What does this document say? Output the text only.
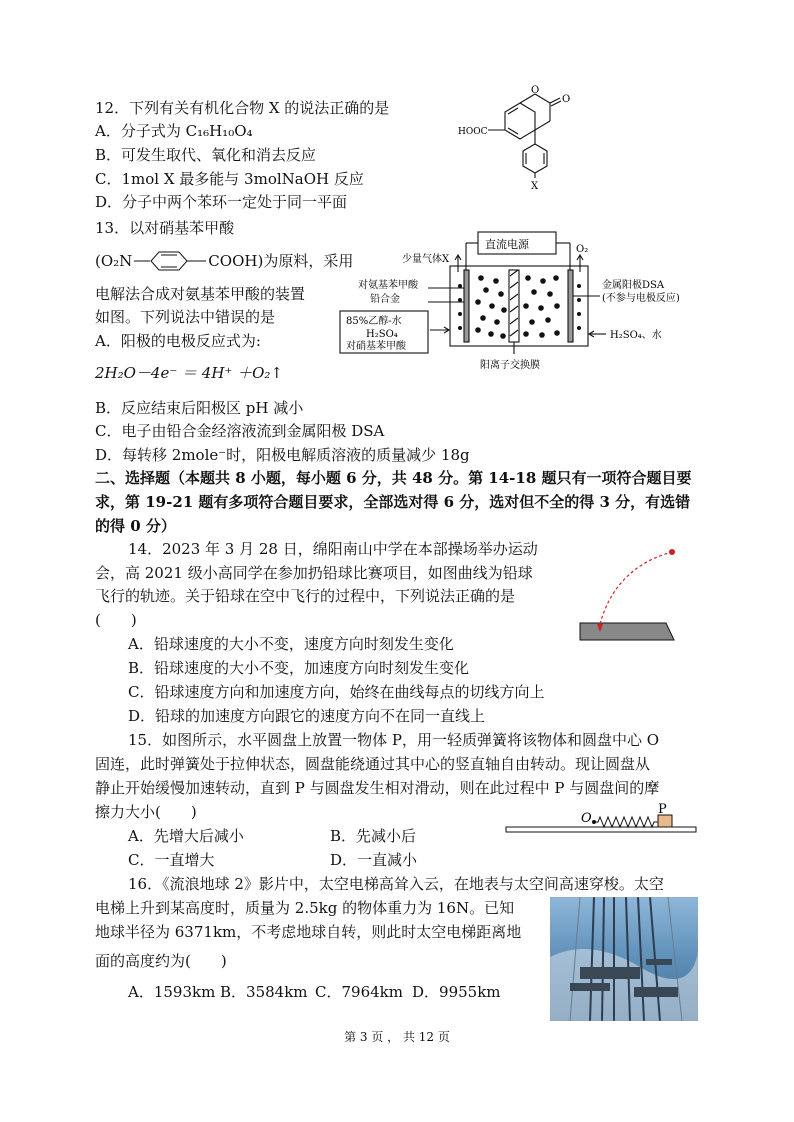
12．下列有关有机化合物 X 的说法正确的是
A．分子式为 C₁₆H₁₀O₄
B．可发生取代、氧化和消去反应
C．1mol X 最多能与 3molNaOH 反应
D．分子中两个苯环一定处于同一平面
O
O
HOOC
X
13．以对硝基苯甲酸
(O₂N	COOH)为原料，采用
电解法合成对氨基苯甲酸的装置
如图。下列说法中错误的是
A．阳极的电极反应式为:
2H₂O－4e⁻ ＝ 4H⁺ ＋O₂↑
B．反应结束后阳极区 pH 减小
C．电子由铅合金经溶液流到金属阳极 DSA
D．每转移 2mole⁻时，阳极电解质溶液的质量减少 18g
直流电源
少量气体X
O₂
对氨基苯甲酸
铅合金
金属阳极DSA
(不参与电极反应)
85%乙醇-水
H₂SO₄
对硝基苯甲酸
H₂SO₄、水
阳离子交换膜
二、选择题（本题共 8 小题，每小题 6 分，共 48 分。第 14-18 题只有一项符合题目要
求，第 19-21 题有多项符合题目要求，全部选对得 6 分，选对但不全的得 3 分，有选错
的得 0 分）
14．2023 年 3 月 28 日，绵阳南山中学在本部操场举办运动
会，高 2021 级小高同学在参加扔铅球比赛项目，如图曲线为铅球
飞行的轨迹。关于铅球在空中飞行的过程中，下列说法正确的是
(　　)
A．铅球速度的大小不变，速度方向时刻发生变化
B．铅球速度的大小不变，加速度方向时刻发生变化
C．铅球速度方向和加速度方向，始终在曲线每点的切线方向上
D．铅球的加速度方向跟它的速度方向不在同一直线上
15．如图所示，水平圆盘上放置一物体 P，用一轻质弹簧将该物体和圆盘中心 O
固连，此时弹簧处于拉伸状态，圆盘能绕通过其中心的竖直轴自由转动。现让圆盘从
静止开始缓慢加速转动，直到 P 与圆盘发生相对滑动，则在此过程中 P 与圆盘间的摩
擦力大小(　　)
A．先增大后减小	B．先减小后
C．一直增大	D．一直减小
O
P
16．《流浪地球 2》影片中，太空电梯高耸入云，在地表与太空间高速穿梭。太空
电梯上升到某高度时，质量为 2.5kg 的物体重力为 16N。已知
地球半径为 6371km，不考虑地球自转，则此时太空电梯距离地
面的高度约为(　　)
A．1593km B．3584km C．7964km D．9955km
第 3 页 ， 共 12 页
